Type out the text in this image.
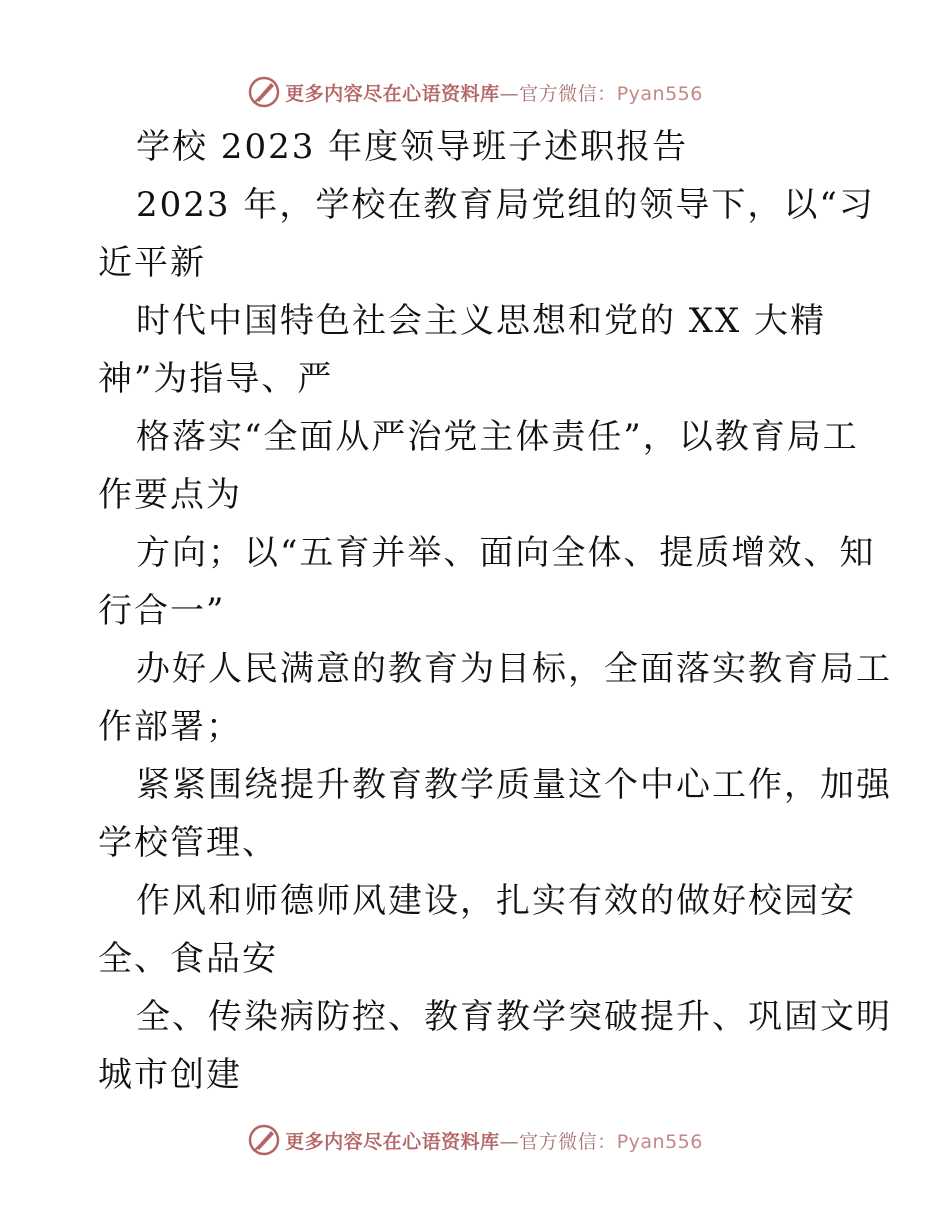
更多内容尽在心语资料库—官方微信：Pyan556
学校 2023 年度领导班子述职报告
2023 年，学校在教育局党组的领导下，以“习
近平新
时代中国特色社会主义思想和党的 XX 大精
神”为指导、严
格落实“全面从严治党主体责任”，以教育局工
作要点为
方向；以“五育并举、面向全体、提质增效、知
行合一”
办好人民满意的教育为目标，全面落实教育局工
作部署；
紧紧围绕提升教育教学质量这个中心工作，加强
学校管理、
作风和师德师风建设，扎实有效的做好校园安
全、食品安
全、传染病防控、教育教学突破提升、巩固文明
城市创建
更多内容尽在心语资料库—官方微信：Pyan556
